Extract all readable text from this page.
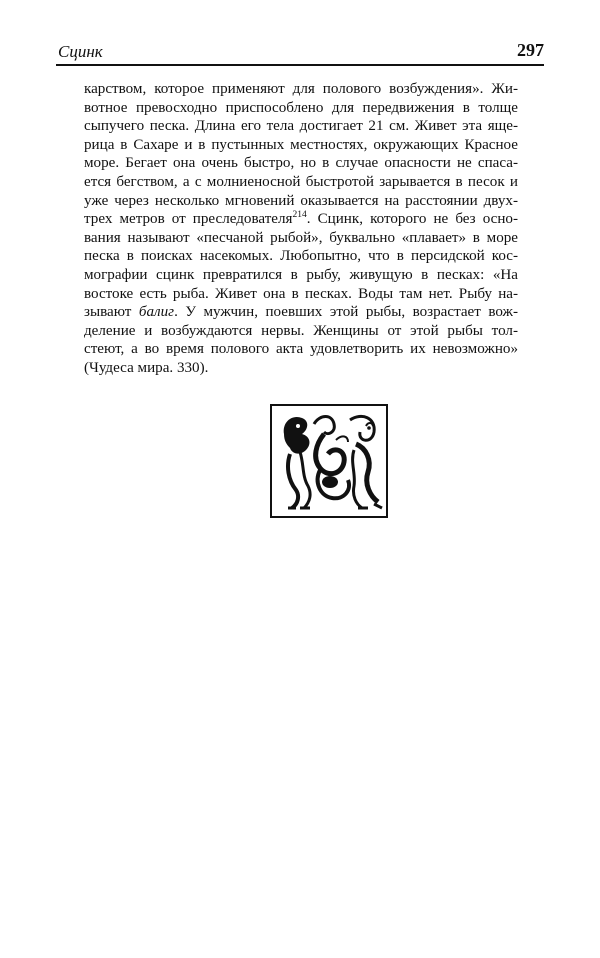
Сцинк	297

карством, которое применяют для полового возбуждения». Жи-
вотное превосходно приспособлено для передвижения в толще
сыпучего песка. Длина его тела достигает 21 см. Живет эта яще-
рица в Сахаре и в пустынных местностях, окружающих Красное
море. Бегает она очень быстро, но в случае опасности не спаса-
ется бегством, а с молниеносной быстротой зарывается в песок и
уже через несколько мгновений оказывается на расстоянии двух-
трех метров от преследователя$^{214}$. Сцинк, которого не без осно-
вания называют «песчаной рыбой», буквально «плавает» в море
песка в поисках насекомых. Любопытно, что в персидской кос-
мографии сцинк превратился в рыбу, живущую в песках: «На
востоке есть рыба. Живет она в песках. Воды там нет. Рыбу на-
зывают балиг. У мужчин, поевших этой рыбы, возрастает вож-
деление и возбуждаются нервы. Женщины от этой рыбы тол-
стеют, а во время полового акта удовлетворить их невозможно»
(Чудеса мира. 330).
